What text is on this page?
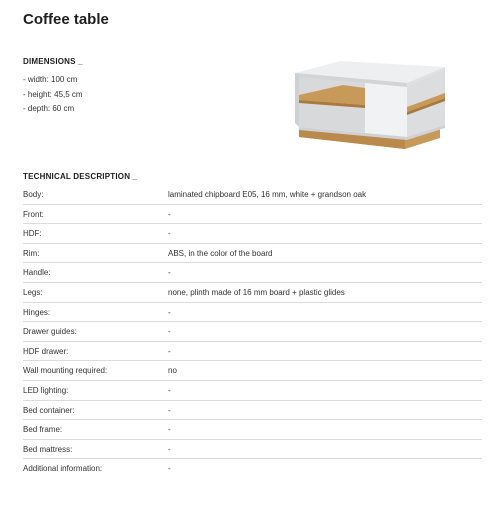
Coffee table
DIMENSIONS _
- width: 100 cm
- height: 45,5 cm
- depth: 60 cm
TECHNICAL DESCRIPTION _
Body:	laminated chipboard E05, 16 mm, white + grandson oak
Front:	-
HDF:	-
Rim:	ABS, in the color of the board
Handle:	-
Legs:	none, plinth made of 16 mm board + plastic glides
Hinges:	-
Drawer guides:	-
HDF drawer:	-
Wall mounting required:	no
LED lighting:	-
Bed container:	-
Bed frame:	-
Bed mattress:	-
Additional information:	-
